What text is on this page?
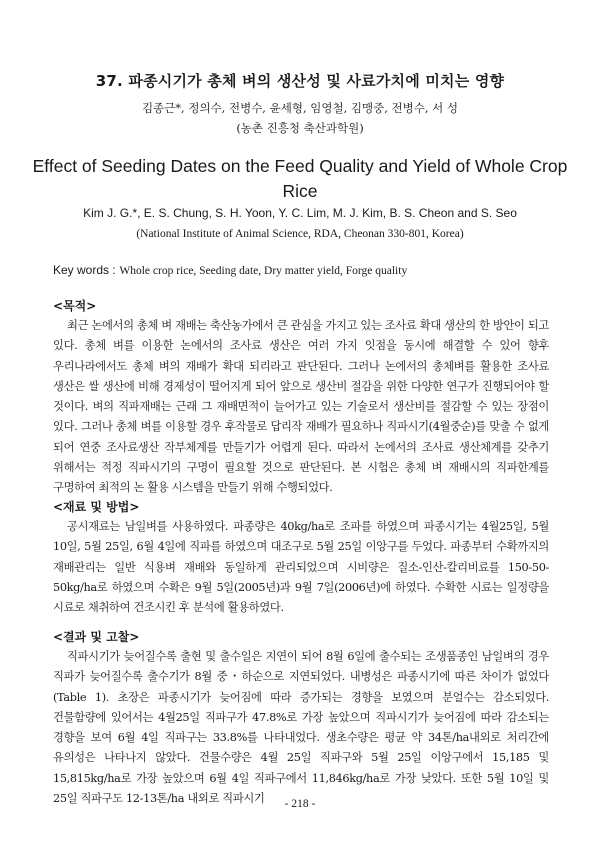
37. 파종시기가 총체 벼의 생산성 및 사료가치에 미치는 영향
김종근*, 정의수, 전병수, 윤세형, 임영철, 김맹중, 전병수, 서 성
(농촌 진흥청 축산과학원)
Effect of Seeding Dates on the Feed Quality and Yield of Whole Crop Rice
Kim J. G.*, E. S. Chung, S. H. Yoon, Y. C. Lim, M. J. Kim, B. S. Cheon and S. Seo
(National Institute of Animal Science, RDA, Cheonan 330-801, Korea)
Key words : Whole crop rice, Seeding date, Dry matter yield, Forge quality
<목적>
최근 논에서의 총체 벼 재배는 축산농가에서 큰 관심을 가지고 있는 조사료 확대 생산의 한 방안이 되고 있다. 총체 벼를 이용한 논에서의 조사료 생산은 여러 가지 잇점을 동시에 해결할 수 있어 향후 우리나라에서도 총체 벼의 재배가 확대 되리라고 판단된다. 그러나 논에서의 총체벼를 활용한 조사료 생산은 쌀 생산에 비해 경제성이 떨어지게 되어 앞으로 생산비 절감을 위한 다양한 연구가 진행되어야 할 것이다. 벼의 직파재배는 근래 그 재배면적이 늘어가고 있는 기술로서 생산비를 절감할 수 있는 장점이 있다. 그러나 총체 벼를 이용할 경우 후작물로 답리작 재배가 필요하나 직파시기(4월중순)를 맞출 수 없게 되어 연중 조사료생산 작부체계를 만들기가 어렵게 된다. 따라서 논에서의 조사료 생산체계를 갖추기 위해서는 적정 직파시기의 구명이 필요할 것으로 판단된다. 본 시험은 총체 벼 재배시의 직파한계를 구명하여 최적의 논 활용 시스템을 만들기 위해 수행되었다.
<재료 및 방법>
공시재료는 남일벼를 사용하였다. 파종량은 40kg/ha로 조파를 하였으며 파종시기는 4월25일, 5월 10일, 5월 25일, 6월 4일에 직파를 하였으며 대조구로 5월 25일 이앙구를 두었다. 파종부터 수확까지의 재배관리는 일반 식용벼 재배와 동일하게 관리되었으며 시비량은 질소-인산-칼리비료를 150-50-50kg/ha로 하였으며 수확은 9월 5일(2005년)과 9월 7일(2006년)에 하였다. 수확한 시료는 일정량을 시료로 채취하여 건조시킨 후 분석에 활용하였다.
<결과 및 고찰>
직파시기가 늦어질수록 출현 및 출수일은 지연이 되어 8월 6일에 출수되는 조생품종인 남일벼의 경우 직파가 늦어질수록 출수기가 8월 중・하순으로 지연되었다. 내병성은 파종시기에 따른 차이가 없었다 (Table 1). 초장은 파종시기가 늦어짐에 따라 증가되는 경향을 보였으며 분얼수는 감소되었다. 건물함량에 있어서는 4월25일 직파구가 47.8%로 가장 높았으며 직파시기가 늦어짐에 따라 감소되는 경향을 보여 6월 4일 직파구는 33.8%를 나타내었다. 생초수량은 평균 약 34톤/ha내외로 처리간에 유의성은 나타나지 않았다. 건물수량은 4월 25일 직파구와 5월 25일 이앙구에서 15,185 및 15,815kg/ha로 가장 높았으며 6월 4일 직파구에서 11,846kg/ha로 가장 낮았다. 또한 5월 10일 및 25일 직파구도 12-13톤/ha 내외로 직파시기	- 218 -
